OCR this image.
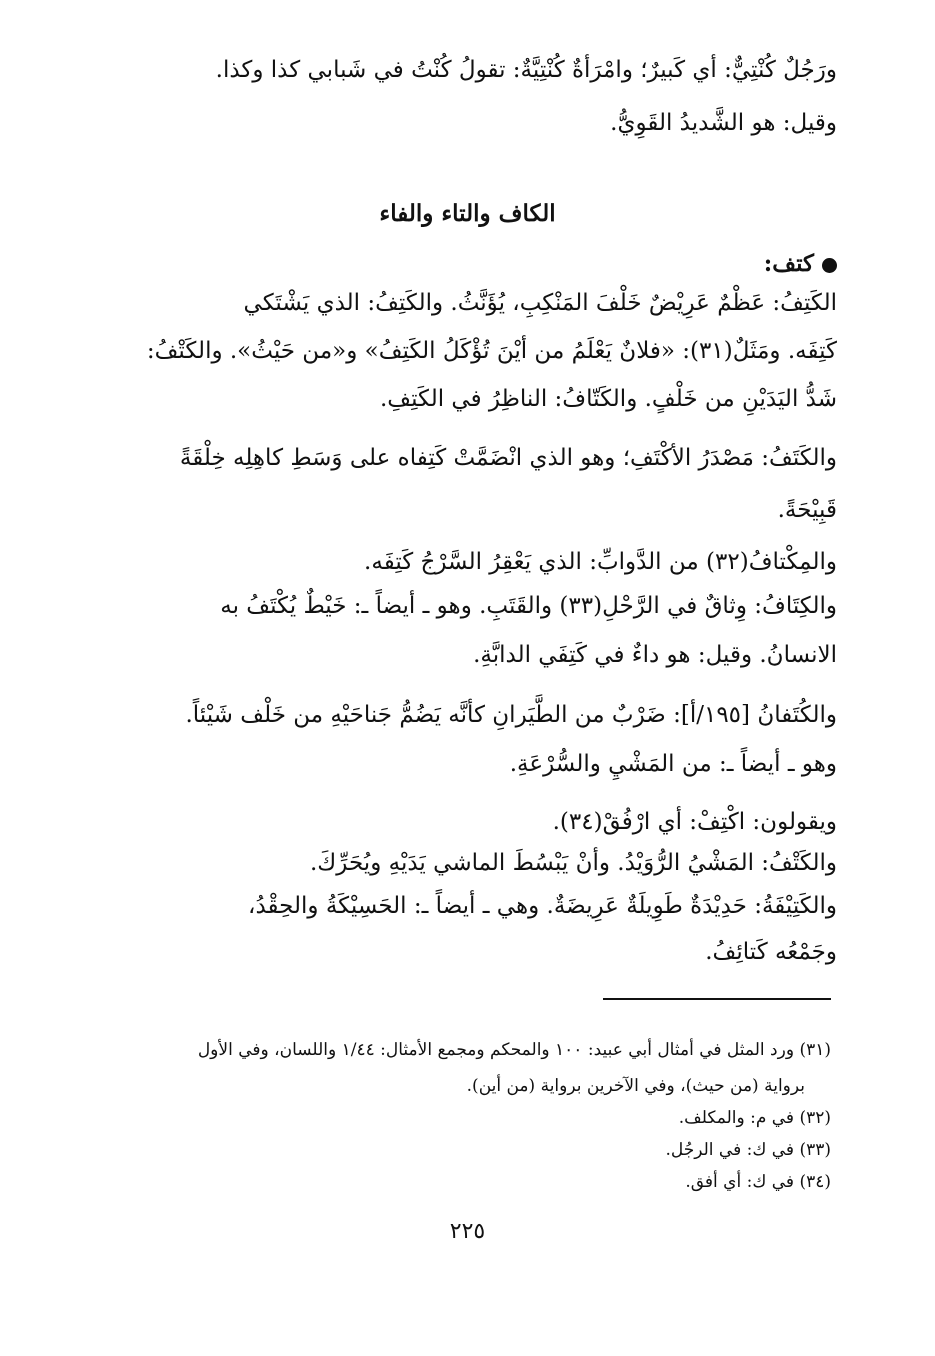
ورَجُلٌ كُنْتِيٌّ: أي كَبيرٌ؛ وامْرَأةٌ كُنْتِيَّةٌ: تقولُ كُنْتُ في شَبابي كذا وكذا.

وقيل: هو الشَّديدُ القَوِيُّ.

الكاف والتاء والفاء
كتف:

الكَتِفُ: عَظْمٌ عَرِيْضٌ خَلْفَ المَنْكِبِ، يُؤَنَّثُ. والكَتِفُ: الذي يَشْتَكي

كَتِفَه. ومَثَلٌ(٣١): «فلانٌ يَعْلَمُ من أيْنَ تُؤْكَلُ الكَتِفُ» و«من حَيْثُ». والكَتْفُ:

شَدُّ اليَدَيْنِ من خَلْفٍ. والكَتّافُ: الناظِرُ في الكَتِفِ.

والكَتَفُ: مَصْدَرُ الأكْتَفِ؛ وهو الذي انْضَمَّتْ كَتِفاه على وَسَطِ كاهِلِه خِلْقَةً

قَبِيْحَةً.

والمِكْتافُ(٣٢) من الدَّوابِّ: الذي يَعْقِرُ السَّرْجُ كَتِفَه.

والكِتَافُ: وِثاقٌ في الرَّحْلِ(٣٣) والقَتَبِ. وهو ـ أيضاً ـ: خَيْطٌ يُكْتَفُ به

الانسانُ. وقيل: هو داءٌ في كَتِفَي الدابَّةِ.

والكُتَفانُ [١٩٥/أ]: ضَرْبٌ من الطَّيَرانِ كأنَّه يَضُمُّ جَناحَيْهِ من خَلْف شَيْئاً.

وهو ـ أيضاً ـ: من المَشْيِ والسُّرْعَةِ.

ويقولون: اكْتِفْ: أي ارْفُقْ(٣٤).

والكَتْفُ: المَشْيُ الرُّوَيْدُ. وأنْ يَبْسُطَ الماشي يَدَيْهِ ويُحَرِّكَ.

والكَتِيْفَةُ: حَدِيْدَةٌ طَوِيلَةٌ عَرِيضَةٌ. وهي ـ أيضاً ـ: الحَسِيْكَةُ والحِقْدُ،

وجَمْعُه كَتائِفُ.

(٣١) ورد المثل في أمثال أبي عبيد: ١٠٠ والمحكم ومجمع الأمثال: ١/٤٤ واللسان، وفي الأول

برواية (من حيث)، وفي الآخرين برواية (من أين).

(٣٢) في م: والمكلف.

(٣٣) في ك: في الرجُل.

(٣٤) في ك: أي أفق.

٢٢٥
